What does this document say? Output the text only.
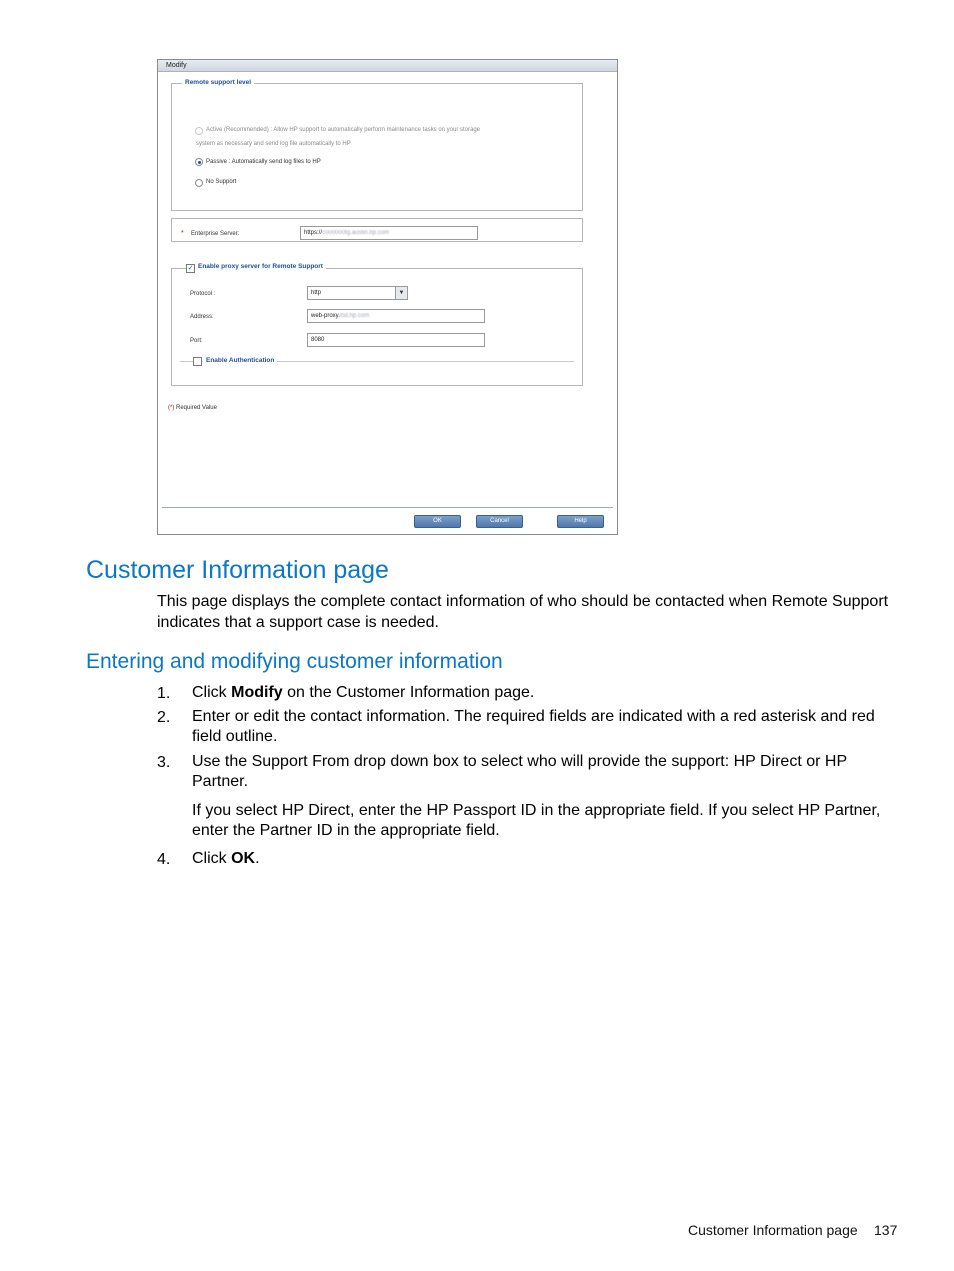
Modify
Remote support level
Active (Recommended) : Allow HP support to automatically perform maintenance tasks on your storage
system as necessary and send log file automatically to HP
Passive : Automatically send log files to HP
No Support
* Enterprise Server:	https://c000000fg.austin.hp.com
✓ Enable proxy server for Remote Support
Protocol :	http	▼
Address:	web-proxy.ind.hp.com
Port:	8080
Enable Authentication
(*) Required Value
OK	Cancel	Help
Customer Information page

This page displays the complete contact information of who should be contacted when Remote Support indicates that a support case is needed.

Entering and modifying customer information
1. Click Modify on the Customer Information page.
2. Enter or edit the contact information. The required fields are indicated with a red asterisk and red field outline.
3. Use the Support From drop down box to select who will provide the support: HP Direct or HP Partner.
If you select HP Direct, enter the HP Passport ID in the appropriate field. If you select HP Partner, enter the Partner ID in the appropriate field.
4. Click OK.
Customer Information page 137
